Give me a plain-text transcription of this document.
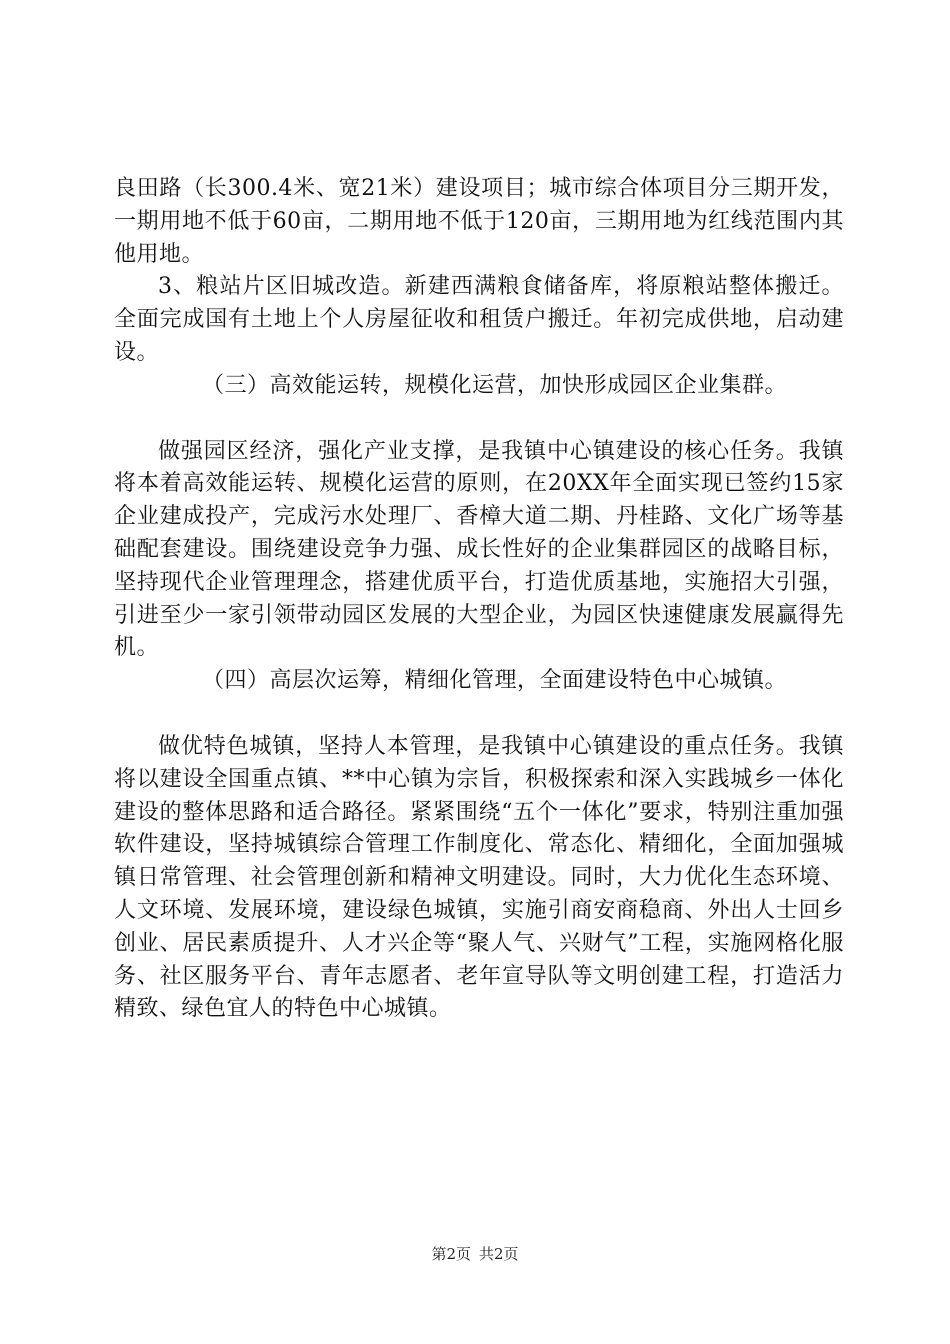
良田路（长300.4米、宽21米）建设项目；城市综合体项目分三期开发，一期用地不低于60亩，二期用地不低于120亩，三期用地为红线范围内其他用地。

3、粮站片区旧城改造。新建西满粮食储备库，将原粮站整体搬迁。全面完成国有土地上个人房屋征收和租赁户搬迁。年初完成供地，启动建设。

（三）高效能运转，规模化运营，加快形成园区企业集群。

做强园区经济，强化产业支撑，是我镇中心镇建设的核心任务。我镇将本着高效能运转、规模化运营的原则，在20XX年全面实现已签约15家企业建成投产，完成污水处理厂、香樟大道二期、丹桂路、文化广场等基础配套建设。围绕建设竞争力强、成长性好的企业集群园区的战略目标，坚持现代企业管理理念，搭建优质平台，打造优质基地，实施招大引强，引进至少一家引领带动园区发展的大型企业，为园区快速健康发展赢得先机。

（四）高层次运筹，精细化管理，全面建设特色中心城镇。

做优特色城镇，坚持人本管理，是我镇中心镇建设的重点任务。我镇将以建设全国重点镇、**中心镇为宗旨，积极探索和深入实践城乡一体化建设的整体思路和适合路径。紧紧围绕“五个一体化”要求，特别注重加强软件建设，坚持城镇综合管理工作制度化、常态化、精细化，全面加强城镇日常管理、社会管理创新和精神文明建设。同时，大力优化生态环境、人文环境、发展环境，建设绿色城镇，实施引商安商稳商、外出人士回乡创业、居民素质提升、人才兴企等“聚人气、兴财气”工程，实施网格化服务、社区服务平台、青年志愿者、老年宣导队等文明创建工程，打造活力精致、绿色宜人的特色中心城镇。

第2页 共2页
